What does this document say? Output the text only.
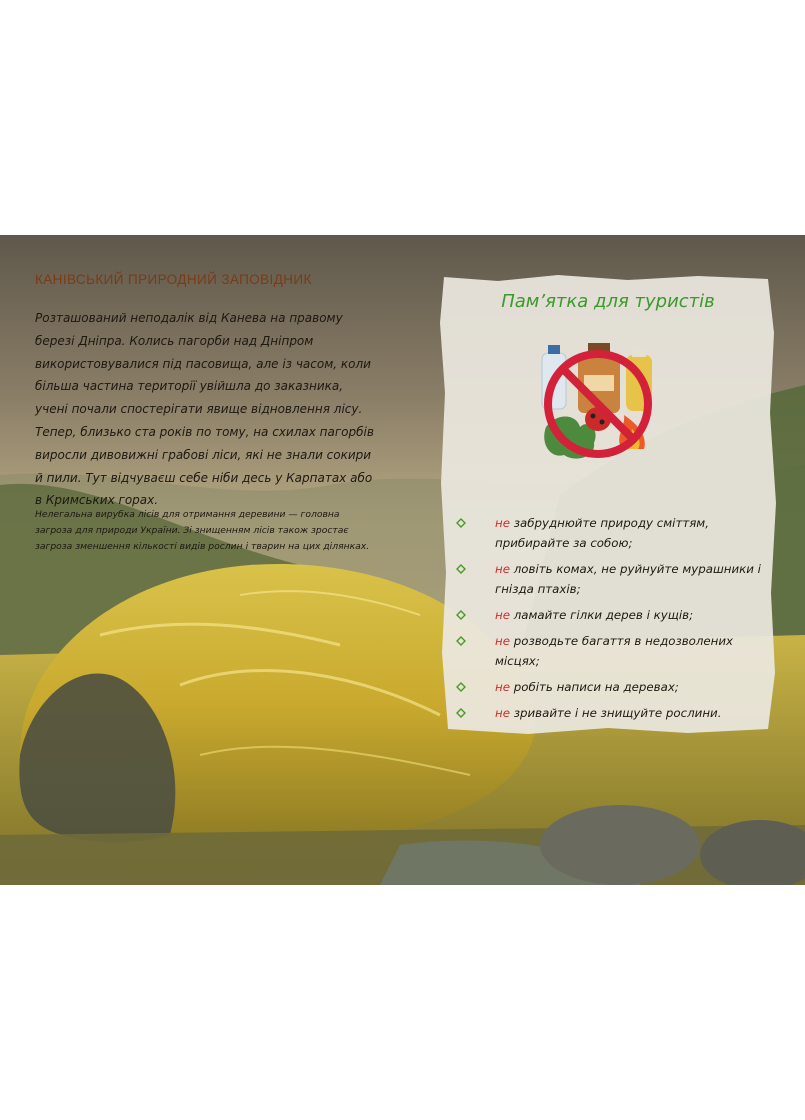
КАНІВСЬКИЙ ПРИРОДНИЙ ЗАПОВІДНИК

Розташований неподалік від Канева на правому березі Дніпра. Колись пагорби над Дніпром використовувалися під пасовища, але із часом, коли більша частина території увійшла до заказника, учені почали спостерігати явище відновлення лісу. Тепер, близько ста років по тому, на схилах пагорбів виросли дивовижні грабові ліси, які не знали сокири й пили. Тут відчуваєш себе ніби десь у Карпатах або в Кримських горах.

Нелегальна вирубка лісів для отримання деревини — головна загроза для природи України. Зі знищенням лісів також зростає загроза зменшення кількості видів рослин і тварин на цих ділянках.

Пам’ятка для туристів
не забруднюйте природу сміттям, прибирайте за собою;
не ловіть комах, не руйнуйте мурашники і гнізда птахів;
не ламайте гілки дерев і кущів;
не розводьте багаття в недозволених місцях;
не робіть написи на деревах;
не зривайте і не знищуйте рослини.
